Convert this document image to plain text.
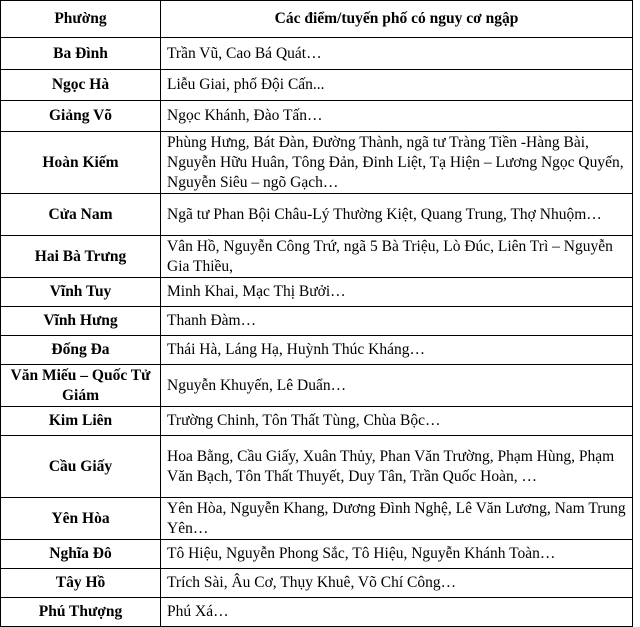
Phường	Các điểm/tuyến phố có nguy cơ ngập
Ba Đình	Trần Vũ, Cao Bá Quát…
Ngọc Hà	Liễu Giai, phố Đội Cấn...
Giảng Võ	Ngọc Khánh, Đào Tấn…
Hoàn Kiếm	Phùng Hưng, Bát Đàn, Đường Thành, ngã tư Tràng Tiền -Hàng Bài, Nguyễn Hữu Huân, Tông Đản, Đinh Liệt, Tạ Hiện – Lương Ngọc Quyến, Nguyễn Siêu – ngõ Gạch…
Cửa Nam	Ngã tư Phan Bội Châu-Lý Thường Kiệt, Quang Trung, Thợ Nhuộm…
Hai Bà Trưng	Vân Hồ, Nguyễn Công Trứ, ngã 5 Bà Triệu, Lò Đúc, Liên Trì – Nguyễn Gia Thiều,
Vĩnh Tuy	Minh Khai, Mạc Thị Bưởi…
Vĩnh Hưng	Thanh Đàm…
Đống Đa	Thái Hà, Láng Hạ, Huỳnh Thúc Kháng…
Văn Miếu – Quốc Tử Giám	Nguyễn Khuyến, Lê Duẩn…
Kim Liên	Trường Chinh, Tôn Thất Tùng, Chùa Bộc…
Cầu Giấy	Hoa Bằng, Cầu Giấy, Xuân Thủy, Phan Văn Trường, Phạm Hùng, Phạm Văn Bạch, Tôn Thất Thuyết, Duy Tân, Trần Quốc Hoàn, …
Yên Hòa	Yên Hòa, Nguyễn Khang, Dương Đình Nghệ, Lê Văn Lương, Nam Trung Yên…
Nghĩa Đô	Tô Hiệu, Nguyễn Phong Sắc, Tô Hiệu, Nguyễn Khánh Toàn…
Tây Hồ	Trích Sài, Âu Cơ, Thụy Khuê, Võ Chí Công…
Phú Thượng	Phú Xá…
